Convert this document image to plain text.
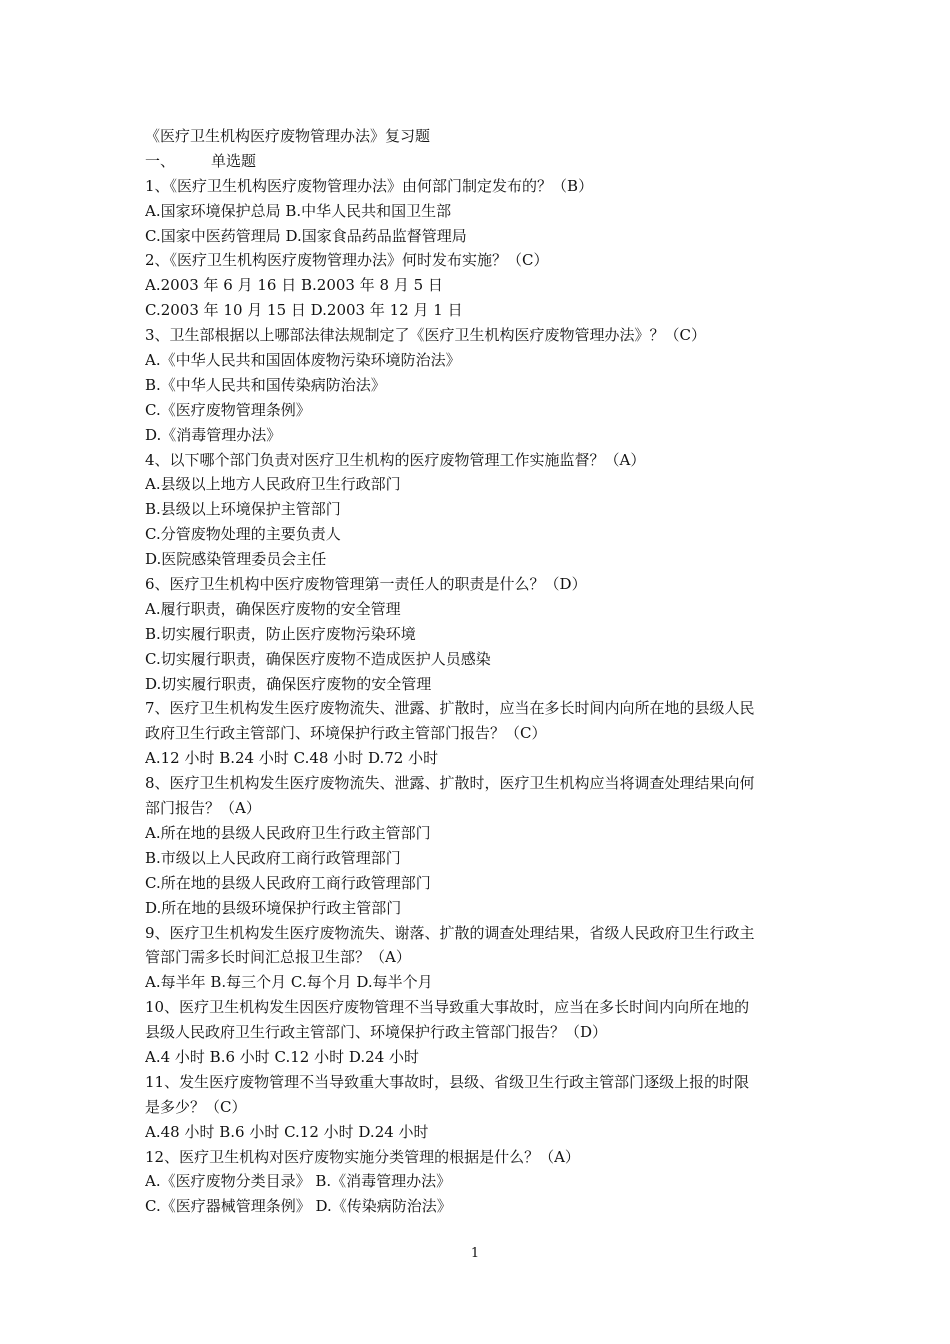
《医疗卫生机构医疗废物管理办法》复习题
一、	单选题
1、《医疗卫生机构医疗废物管理办法》由何部门制定发布的？（B）
A.国家环境保护总局 B.中华人民共和国卫生部
C.国家中医药管理局 D.国家食品药品监督管理局
2、《医疗卫生机构医疗废物管理办法》何时发布实施？（C）
A.2003 年 6 月 16 日 B.2003 年 8 月 5 日
C.2003 年 10 月 15 日 D.2003 年 12 月 1 日
3、卫生部根据以上哪部法律法规制定了《医疗卫生机构医疗废物管理办法》？（C）
A.《中华人民共和国固体废物污染环境防治法》
B.《中华人民共和国传染病防治法》
C.《医疗废物管理条例》
D.《消毒管理办法》
4、以下哪个部门负责对医疗卫生机构的医疗废物管理工作实施监督？（A）
A.县级以上地方人民政府卫生行政部门
B.县级以上环境保护主管部门
C.分管废物处理的主要负责人
D.医院感染管理委员会主任
6、医疗卫生机构中医疗废物管理第一责任人的职责是什么？（D）
A.履行职责，确保医疗废物的安全管理
B.切实履行职责，防止医疗废物污染环境
C.切实履行职责，确保医疗废物不造成医护人员感染
D.切实履行职责，确保医疗废物的安全管理
7、医疗卫生机构发生医疗废物流失、泄露、扩散时，应当在多长时间内向所在地的县级人民
政府卫生行政主管部门、环境保护行政主管部门报告？（C）
A.12 小时 B.24 小时 C.48 小时 D.72 小时
8、医疗卫生机构发生医疗废物流失、泄露、扩散时，医疗卫生机构应当将调查处理结果向何
部门报告？（A）
A.所在地的县级人民政府卫生行政主管部门
B.市级以上人民政府工商行政管理部门
C.所在地的县级人民政府工商行政管理部门
D.所在地的县级环境保护行政主管部门
9、医疗卫生机构发生医疗废物流失、谢落、扩散的调查处理结果，省级人民政府卫生行政主
管部门需多长时间汇总报卫生部？（A）
A.每半年 B.每三个月 C.每个月 D.每半个月
10、医疗卫生机构发生因医疗废物管理不当导致重大事故时，应当在多长时间内向所在地的
县级人民政府卫生行政主管部门、环境保护行政主管部门报告？（D）
A.4 小时 B.6 小时 C.12 小时 D.24 小时
11、发生医疗废物管理不当导致重大事故时，县级、省级卫生行政主管部门逐级上报的时限
是多少？（C）
A.48 小时 B.6 小时 C.12 小时 D.24 小时
12、医疗卫生机构对医疗废物实施分类管理的根据是什么？（A）
A.《医疗废物分类目录》 B.《消毒管理办法》
C.《医疗器械管理条例》 D.《传染病防治法》
1
